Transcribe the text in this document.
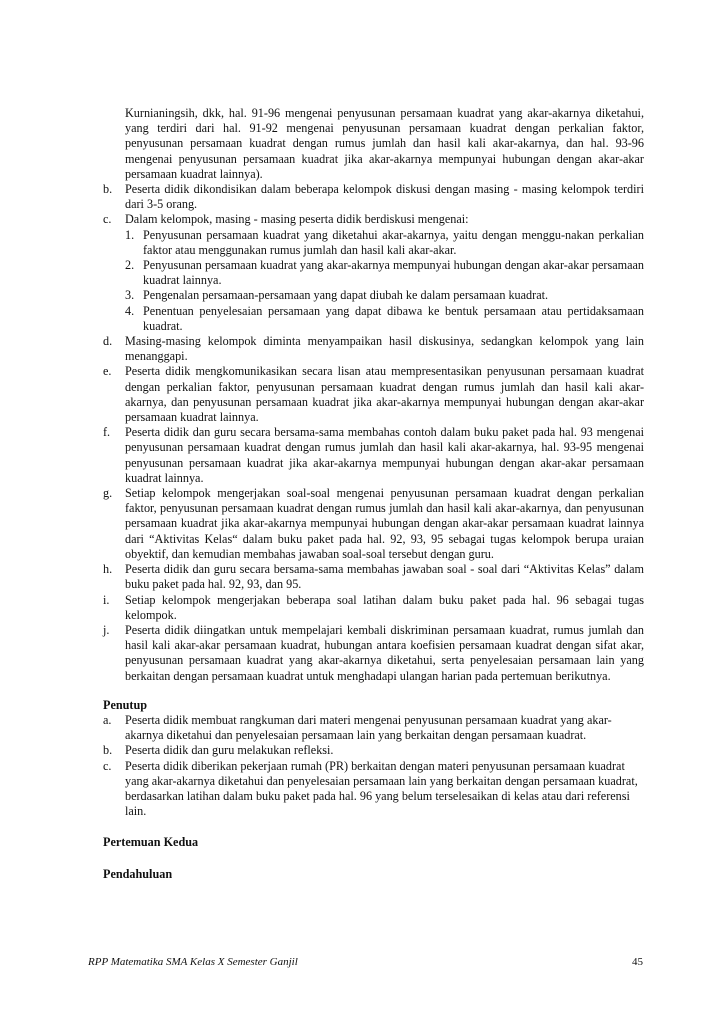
Kurnianingsih, dkk, hal. 91-96 mengenai penyusunan persamaan kuadrat yang akar-akarnya diketahui, yang terdiri dari hal. 91-92 mengenai penyusunan persamaan kuadrat dengan perkalian faktor, penyusunan persamaan kuadrat dengan rumus jumlah dan hasil kali akar-akarnya, dan hal. 93-96 mengenai penyusunan persamaan kuadrat jika akar-akarnya mempunyai hubungan dengan akar-akar persamaan kuadrat lainnya).
b. Peserta didik dikondisikan dalam beberapa kelompok diskusi dengan masing - masing kelompok terdiri dari 3-5 orang.
c. Dalam kelompok, masing - masing peserta didik berdiskusi mengenai:
1. Penyusunan persamaan kuadrat yang diketahui akar-akarnya, yaitu dengan menggu-nakan perkalian faktor atau menggunakan rumus jumlah dan hasil kali akar-akar.
2. Penyusunan persamaan kuadrat yang akar-akarnya mempunyai hubungan dengan akar-akar persamaan kuadrat lainnya.
3. Pengenalan persamaan-persamaan yang dapat diubah ke dalam persamaan kuadrat.
4. Penentuan penyelesaian persamaan yang dapat dibawa ke bentuk persamaan atau pertidaksamaan kuadrat.
d. Masing-masing kelompok diminta menyampaikan hasil diskusinya, sedangkan kelompok yang lain menanggapi.
e. Peserta didik mengkomunikasikan secara lisan atau mempresentasikan penyusunan persamaan kuadrat dengan perkalian faktor, penyusunan persamaan kuadrat dengan rumus jumlah dan hasil kali akar-akarnya, dan penyusunan persamaan kuadrat jika akar-akarnya mempunyai hubungan dengan akar-akar persamaan kuadrat lainnya.
f. Peserta didik dan guru secara bersama-sama membahas contoh dalam buku paket pada hal. 93 mengenai penyusunan persamaan kuadrat dengan rumus jumlah dan hasil kali akar-akarnya, hal. 93-95 mengenai penyusunan persamaan kuadrat jika akar-akarnya mempunyai hubungan dengan akar-akar persamaan kuadrat lainnya.
g. Setiap kelompok mengerjakan soal-soal mengenai penyusunan persamaan kuadrat dengan perkalian faktor, penyusunan persamaan kuadrat dengan rumus jumlah dan hasil kali akar-akarnya, dan penyusunan persamaan kuadrat jika akar-akarnya mempunyai hubungan dengan akar-akar persamaan kuadrat lainnya dari “Aktivitas Kelas“ dalam buku paket pada hal. 92, 93, 95 sebagai tugas kelompok berupa uraian obyektif, dan kemudian membahas jawaban soal-soal tersebut dengan guru.
h. Peserta didik dan guru secara bersama-sama membahas jawaban soal - soal dari “Aktivitas Kelas” dalam buku paket pada hal. 92, 93, dan 95.
i. Setiap kelompok mengerjakan beberapa soal latihan dalam buku paket pada hal. 96 sebagai tugas kelompok.
j. Peserta didik diingatkan untuk mempelajari kembali diskriminan persamaan kuadrat, rumus jumlah dan hasil kali akar-akar persamaan kuadrat, hubungan antara koefisien persamaan kuadrat dengan sifat akar, penyusunan persamaan kuadrat yang akar-akarnya diketahui, serta penyelesaian persamaan lain yang berkaitan dengan persamaan kuadrat untuk menghadapi ulangan harian pada pertemuan berikutnya.
Penutup
a. Peserta didik membuat rangkuman dari materi mengenai penyusunan persamaan kuadrat yang akar-akarnya diketahui dan penyelesaian persamaan lain yang berkaitan dengan persamaan kuadrat.
b. Peserta didik dan guru melakukan refleksi.
c. Peserta didik diberikan pekerjaan rumah (PR) berkaitan dengan materi penyusunan persamaan kuadrat yang akar-akarnya diketahui dan penyelesaian persamaan lain yang berkaitan dengan persamaan kuadrat, berdasarkan latihan dalam buku paket pada hal. 96 yang belum terselesaikan di kelas atau dari referensi lain.
Pertemuan Kedua
Pendahuluan
RPP Matematika SMA Kelas X Semester Ganjil	45
